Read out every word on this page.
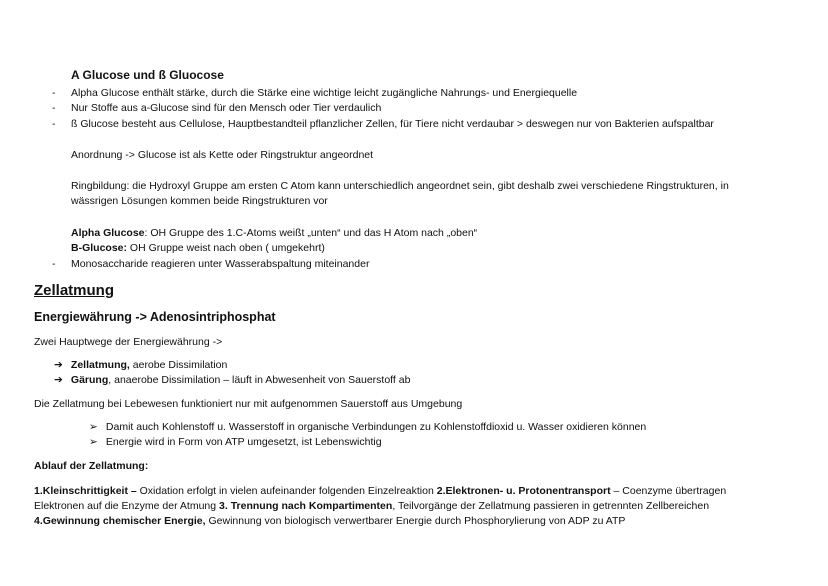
A Glucose und ß Gluocose
- Alpha Glucose enthält stärke, durch die Stärke eine wichtige leicht zugängliche Nahrungs- und Energiequelle
- Nur Stoffe aus a-Glucose sind für den Mensch oder Tier verdaulich
- ß Glucose besteht aus Cellulose, Hauptbestandteil pflanzlicher Zellen, für Tiere nicht verdaubar > deswegen nur von Bakterien aufspaltbar
Anordnung -> Glucose ist als Kette oder Ringstruktur angeordnet
Ringbildung: die Hydroxyl Gruppe am ersten C Atom kann unterschiedlich angeordnet sein, gibt deshalb zwei verschiedene Ringstrukturen, in
wässrigen Lösungen kommen beide Ringstrukturen vor
Alpha Glucose: OH Gruppe des 1.C-Atoms weißt „unten“ und das H Atom nach „oben“
B-Glucose: OH Gruppe weist nach oben ( umgekehrt)
- Monosaccharide reagieren unter Wasserabspaltung miteinander
Zellatmung
Energiewährung -> Adenosintriphosphat
Zwei Hauptwege der Energiewährung ->
➔ Zellatmung, aerobe Dissimilation
➔ Gärung, anaerobe Dissimilation – läuft in Abwesenheit von Sauerstoff ab
Die Zellatmung bei Lebewesen funktioniert nur mit aufgenommen Sauerstoff aus Umgebung
➢ Damit auch Kohlenstoff u. Wasserstoff in organische Verbindungen zu Kohlenstoffdioxid u. Wasser oxidieren können
➢ Energie wird in Form von ATP umgesetzt, ist Lebenswichtig
Ablauf der Zellatmung:
1.Kleinschrittigkeit – Oxidation erfolgt in vielen aufeinander folgenden Einzelreaktion 2.Elektronen- u. Protonentransport – Coenzyme übertragen
Elektronen auf die Enzyme der Atmung 3. Trennung nach Kompartimenten, Teilvorgänge der Zellatmung passieren in getrennten Zellbereichen
4.Gewinnung chemischer Energie, Gewinnung von biologisch verwertbarer Energie durch Phosphorylierung von ADP zu ATP
